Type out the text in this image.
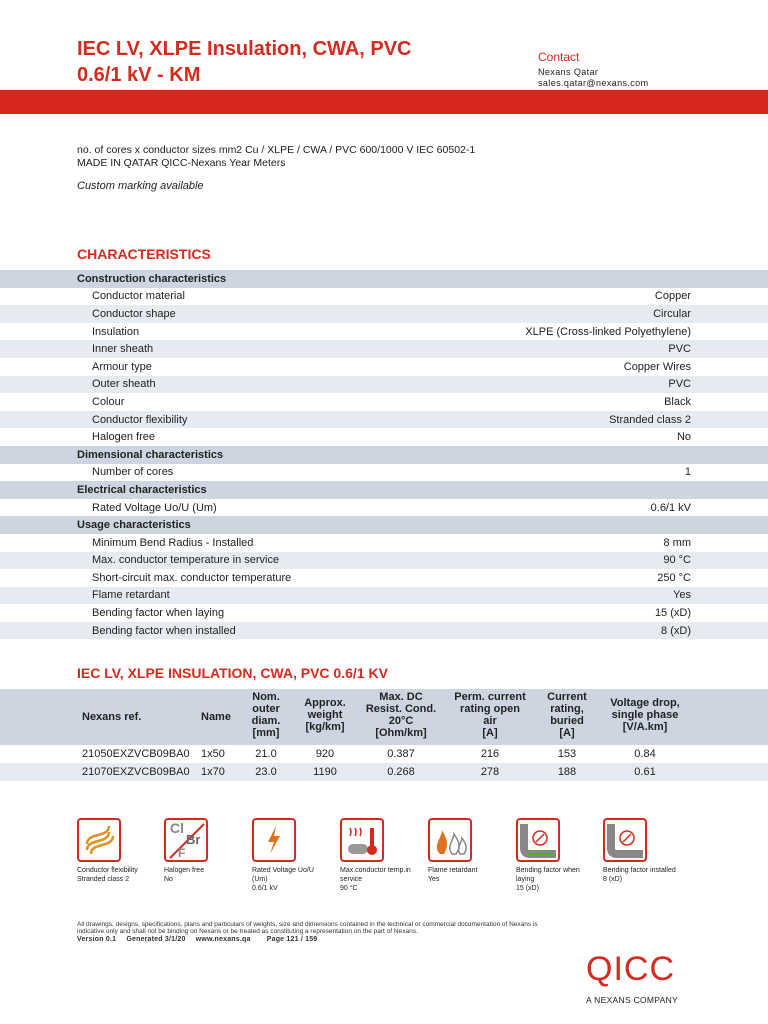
IEC LV, XLPE Insulation, CWA, PVC
0.6/1 kV - KM
Contact
Nexans Qatar
sales.qatar@nexans.com
no. of cores x conductor sizes mm2 Cu / XLPE / CWA / PVC 600/1000 V IEC 60502-1
MADE IN QATAR QICC-Nexans Year Meters
Custom marking available
CHARACTERISTICS
Construction characteristics
Conductor material	Copper
Conductor shape	Circular
Insulation	XLPE (Cross-linked Polyethylene)
Inner sheath	PVC
Armour type	Copper Wires
Outer sheath	PVC
Colour	Black
Conductor flexibility	Stranded class 2
Halogen free	No
Dimensional characteristics
Number of cores	1
Electrical characteristics
Rated Voltage Uo/U (Um)	0.6/1 kV
Usage characteristics
Minimum Bend Radius - Installed	8 mm
Max. conductor temperature in service	90 °C
Short-circuit max. conductor temperature	250 °C
Flame retardant	Yes
Bending factor when laying	15 (xD)
Bending factor when installed	8 (xD)
IEC LV, XLPE INSULATION, CWA, PVC 0.6/1 KV
Nexans ref.	Name
Nom.
outer
diam.
[mm]
Approx.
weight
[kg/km]
Max. DC
Resist. Cond.
20°C
[Ohm/km]
Perm. current
rating open
air
[A]
Current
rating,
buried
[A]
Voltage drop,
single phase
[V/A.km]
21050EXZVCB09BA0 1x50	21.0	920	0.387	216	153	0.84
21070EXZVCB09BA0 1x70	23.0	1190	0.268	278	188	0.61
Conductor flexibility
Stranded class 2
Cl
Br
F
Halogen free
No
Rated Voltage Uo/U
(Um)
0.6/1 kV
Max.conductor temp.in
service
90 °C
Flame retardant
Yes
Bending factor when
laying
15 (xD)
Bending factor installed
8 (xD)
All drawings, designs, specifications, plans and particulars of weights, size and dimensions contained in the technical or commercial documentation of Nexans is
indicative only and shall not be binding on Nexans or be treated as constituting a representation on the part of Nexans.
Version 0.1 Generated 3/1/20 www.nexans.qa Page 121 / 159
QICC
A NEXANS COMPANY
